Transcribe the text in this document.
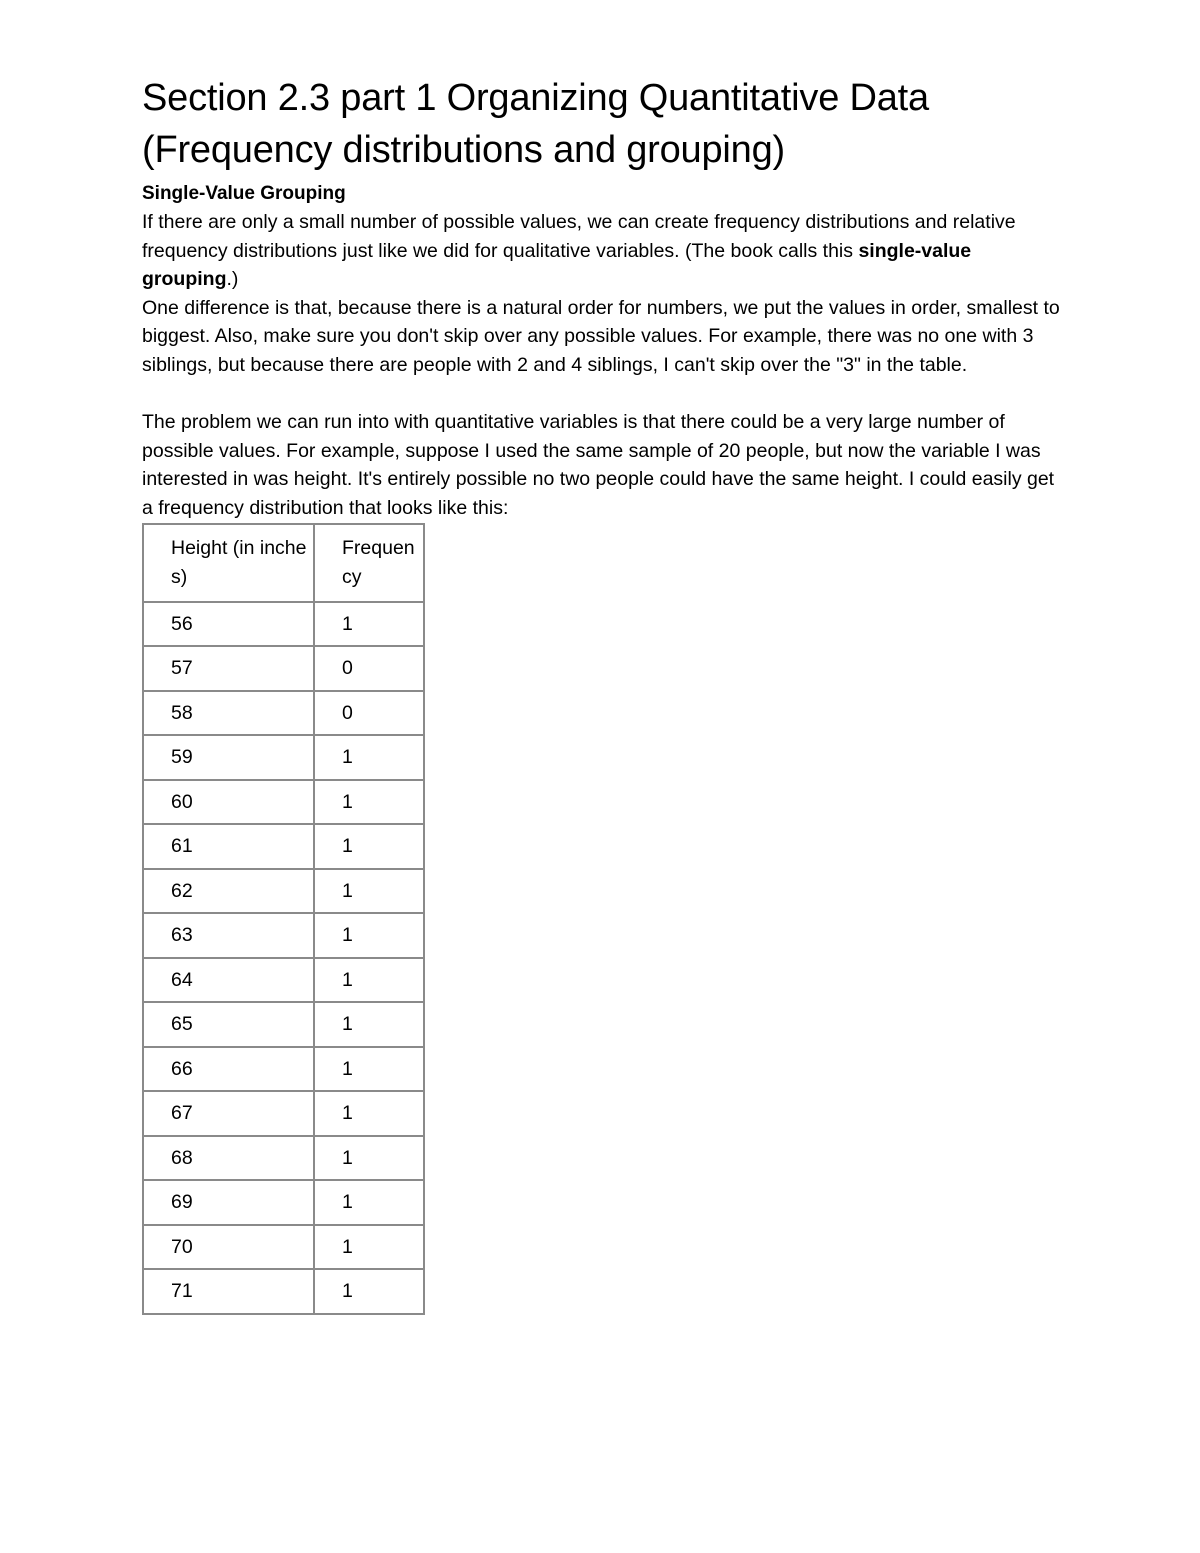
Section 2.3 part 1 Organizing Quantitative Data
(Frequency distributions and grouping)
Single-Value Grouping

If there are only a small number of possible values, we can create frequency distributions and relative frequency distributions just like we did for qualitative variables. (The book calls this single-value grouping.)

One difference is that, because there is a natural order for numbers, we put the values in order, smallest to biggest. Also, make sure you don't skip over any possible values. For example, there was no one with 3 siblings, but because there are people with 2 and 4 siblings, I can't skip over the "3" in the table.

The problem we can run into with quantitative variables is that there could be a very large number of possible values. For example, suppose I used the same sample of 20 people, but now the variable I was interested in was height. It's entirely possible no two people could have the same height. I could easily get a frequency distribution that looks like this:

Height (in inches)	Frequency
56	1
57	0
58	0
59	1
60	1
61	1
62	1
63	1
64	1
65	1
66	1
67	1
68	1
69	1
70	1
71	1
